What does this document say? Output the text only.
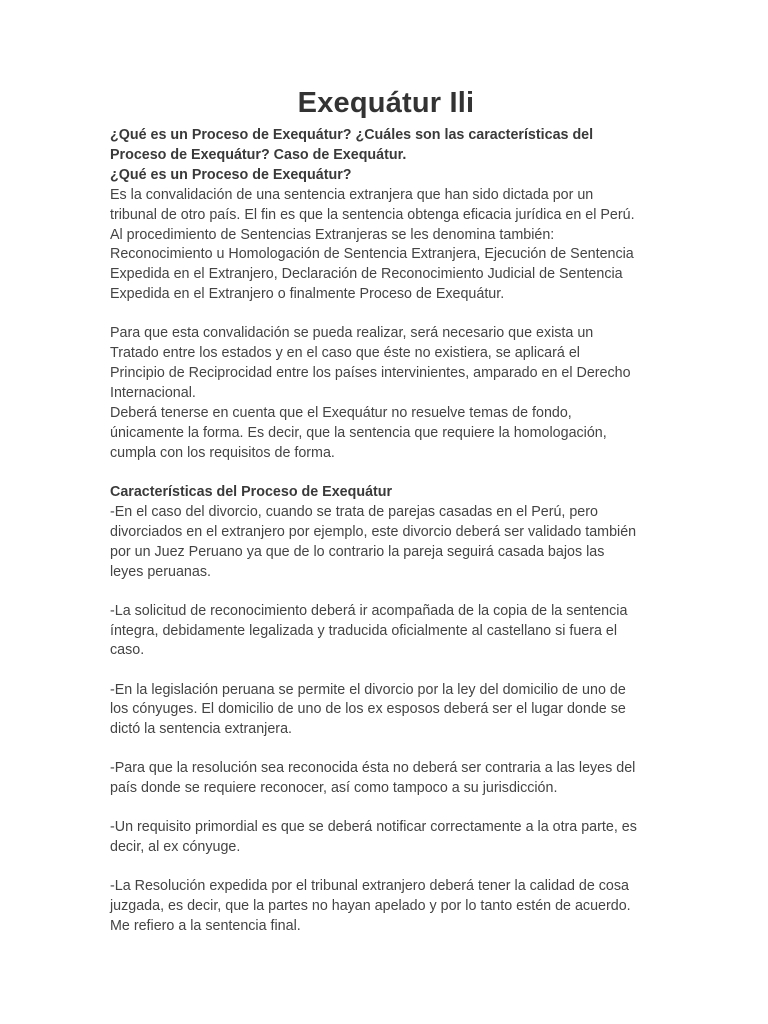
Exequátur Ili
¿Qué es un Proceso de Exequátur? ¿Cuáles son las características del
Proceso de Exequátur? Caso de Exequátur.
¿Qué es un Proceso de Exequátur?
Es la convalidación de una sentencia extranjera que han sido dictada por un
tribunal de otro país. El fin es que la sentencia obtenga eficacia jurídica en el Perú.
Al procedimiento de Sentencias Extranjeras se les denomina también:
Reconocimiento u Homologación de Sentencia Extranjera, Ejecución de Sentencia
Expedida en el Extranjero, Declaración de Reconocimiento Judicial de Sentencia
Expedida en el Extranjero o finalmente Proceso de Exequátur.
Para que esta convalidación se pueda realizar, será necesario que exista un
Tratado entre los estados y en el caso que éste no existiera, se aplicará el
Principio de Reciprocidad entre los países intervinientes, amparado en el Derecho
Internacional.
Deberá tenerse en cuenta que el Exequátur no resuelve temas de fondo,
únicamente la forma. Es decir, que la sentencia que requiere la homologación,
cumpla con los requisitos de forma.
Características del Proceso de Exequátur
-En el caso del divorcio, cuando se trata de parejas casadas en el Perú, pero
divorciados en el extranjero por ejemplo, este divorcio deberá ser validado también
por un Juez Peruano ya que de lo contrario la pareja seguirá casada bajos las
leyes peruanas.
-La solicitud de reconocimiento deberá ir acompañada de la copia de la sentencia
íntegra, debidamente legalizada y traducida oficialmente al castellano si fuera el
caso.
-En la legislación peruana se permite el divorcio por la ley del domicilio de uno de
los cónyuges. El domicilio de uno de los ex esposos deberá ser el lugar donde se
dictó la sentencia extranjera.
-Para que la resolución sea reconocida ésta no deberá ser contraria a las leyes del
país donde se requiere reconocer, así como tampoco a su jurisdicción.
-Un requisito primordial es que se deberá notificar correctamente a la otra parte, es
decir, al ex cónyuge.
-La Resolución expedida por el tribunal extranjero deberá tener la calidad de cosa
juzgada, es decir, que la partes no hayan apelado y por lo tanto estén de acuerdo.
Me refiero a la sentencia final.
